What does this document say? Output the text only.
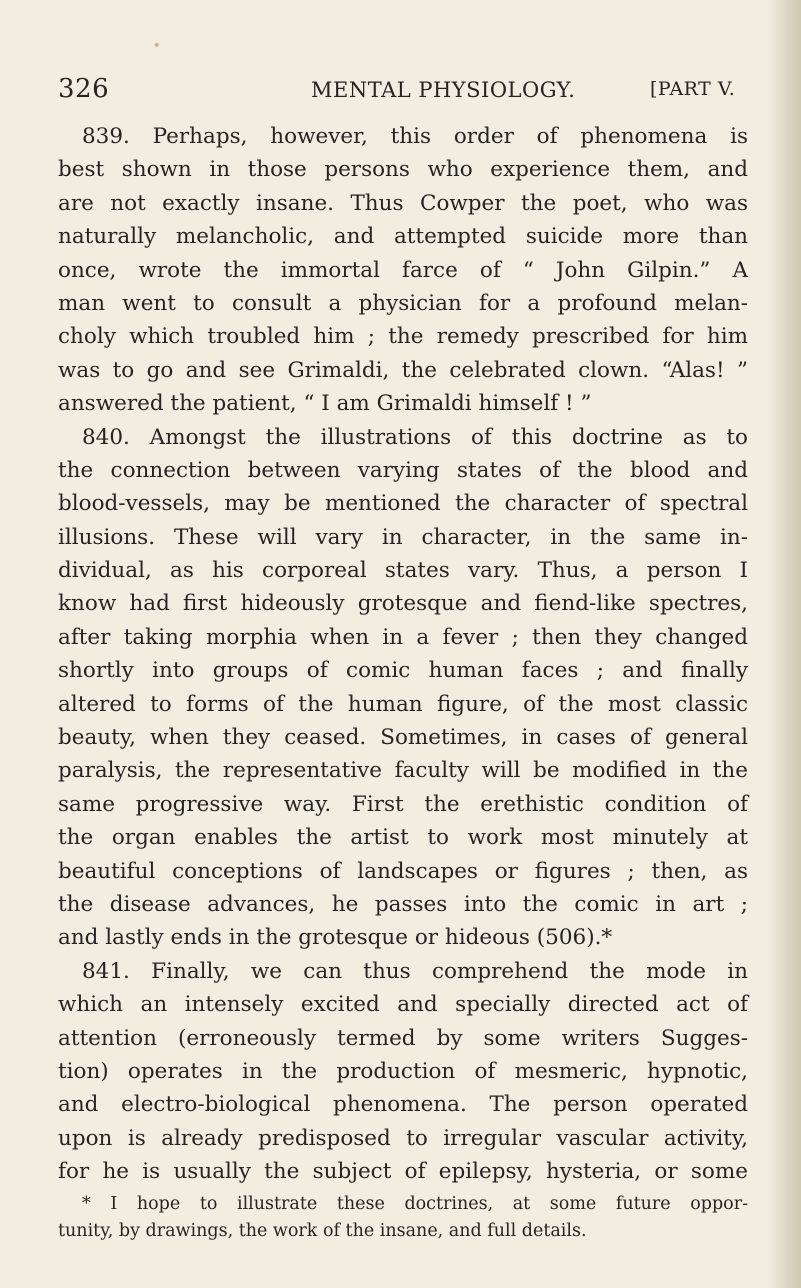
•
326	MENTAL PHYSIOLOGY.	[PART V.
839. Perhaps, however, this order of phenomena is
best shown in those persons who experience them, and
are not exactly insane. Thus Cowper the poet, who was
naturally melancholic, and attempted suicide more than
once, wrote the immortal farce of “ John Gilpin.” A
man went to consult a physician for a profound melan-
choly which troubled him ; the remedy prescribed for him
was to go and see Grimaldi, the celebrated clown. “Alas! ”
answered the patient, “ I am Grimaldi himself ! ”
840. Amongst the illustrations of this doctrine as to
the connection between varying states of the blood and
blood-vessels, may be mentioned the character of spectral
illusions. These will vary in character, in the same in-
dividual, as his corporeal states vary. Thus, a person I
know had first hideously grotesque and fiend-like spectres,
after taking morphia when in a fever ; then they changed
shortly into groups of comic human faces ; and finally
altered to forms of the human figure, of the most classic
beauty, when they ceased. Sometimes, in cases of general
paralysis, the representative faculty will be modified in the
same progressive way. First the erethistic condition of
the organ enables the artist to work most minutely at
beautiful conceptions of landscapes or figures ; then, as
the disease advances, he passes into the comic in art ;
and lastly ends in the grotesque or hideous (506).*
841. Finally, we can thus comprehend the mode in
which an intensely excited and specially directed act of
attention (erroneously termed by some writers Sugges-
tion) operates in the production of mesmeric, hypnotic,
and electro-biological phenomena. The person operated
upon is already predisposed to irregular vascular activity,
for he is usually the subject of epilepsy, hysteria, or some
* I hope to illustrate these doctrines, at some future oppor-
tunity, by drawings, the work of the insane, and full details.
